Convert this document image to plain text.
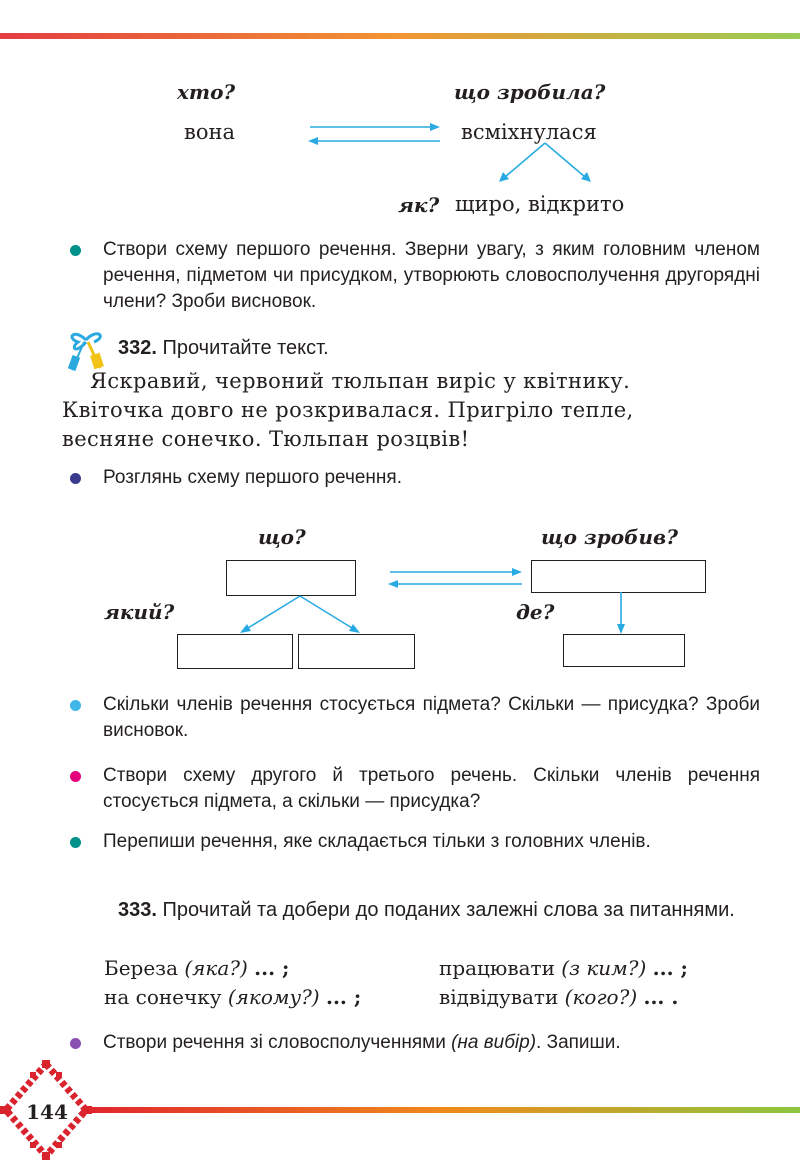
хто?	що зробила?
вона	всміхнулася
як? щиро, відкрито
Створи схему першого речення. Зверни увагу, з яким головним членом речення, підметом чи присудком, утворюють словосполучення другорядні члени? Зроби висновок.
332. Прочитайте текст.
Яскравий, червоний тюльпан виріс у квітнику.
Квіточка довго не розкривалася. Пригріло тепле,
весняне сонечко. Тюльпан розцвів!
Розглянь схему першого речення.
що?	що зробив?
який?	де?
Скільки членів речення стосується підмета? Скільки — присудка? Зроби висновок.
Створи схему другого й третього речень. Скільки членів речення стосується підмета, а скільки — присудка?
Перепиши речення, яке складається тільки з головних членів.
333. Прочитай та добери до поданих залежні слова за питаннями.
Береза (яка?) ... ;	працювати (з ким?) ... ;
на сонечку (якому?) ... ;	відвідувати (кого?) ... .
Створи речення зі словосполученнями (на вибір). Запиши.
144
